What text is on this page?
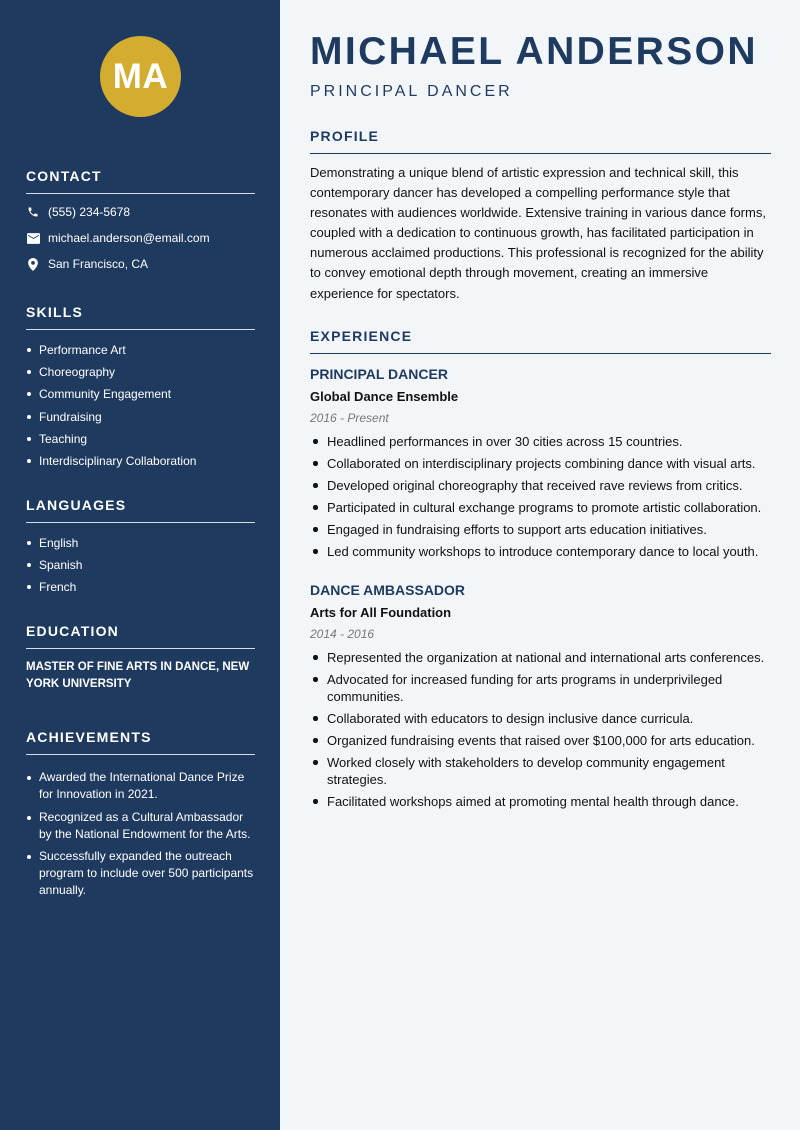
MA
CONTACT
(555) 234-5678
michael.anderson@email.com
San Francisco, CA
SKILLS
Performance Art
Choreography
Community Engagement
Fundraising
Teaching
Interdisciplinary Collaboration
LANGUAGES
English
Spanish
French
EDUCATION
MASTER OF FINE ARTS IN DANCE, NEW YORK UNIVERSITY
ACHIEVEMENTS
Awarded the International Dance Prize for Innovation in 2021.
Recognized as a Cultural Ambassador by the National Endowment for the Arts.
Successfully expanded the outreach program to include over 500 participants annually.
MICHAEL ANDERSON
PRINCIPAL DANCER
PROFILE
Demonstrating a unique blend of artistic expression and technical skill, this contemporary dancer has developed a compelling performance style that resonates with audiences worldwide. Extensive training in various dance forms, coupled with a dedication to continuous growth, has facilitated participation in numerous acclaimed productions. This professional is recognized for the ability to convey emotional depth through movement, creating an immersive experience for spectators.
EXPERIENCE
PRINCIPAL DANCER
Global Dance Ensemble
2016 - Present
Headlined performances in over 30 cities across 15 countries.
Collaborated on interdisciplinary projects combining dance with visual arts.
Developed original choreography that received rave reviews from critics.
Participated in cultural exchange programs to promote artistic collaboration.
Engaged in fundraising efforts to support arts education initiatives.
Led community workshops to introduce contemporary dance to local youth.
DANCE AMBASSADOR
Arts for All Foundation
2014 - 2016
Represented the organization at national and international arts conferences.
Advocated for increased funding for arts programs in underprivileged communities.
Collaborated with educators to design inclusive dance curricula.
Organized fundraising events that raised over $100,000 for arts education.
Worked closely with stakeholders to develop community engagement strategies.
Facilitated workshops aimed at promoting mental health through dance.
